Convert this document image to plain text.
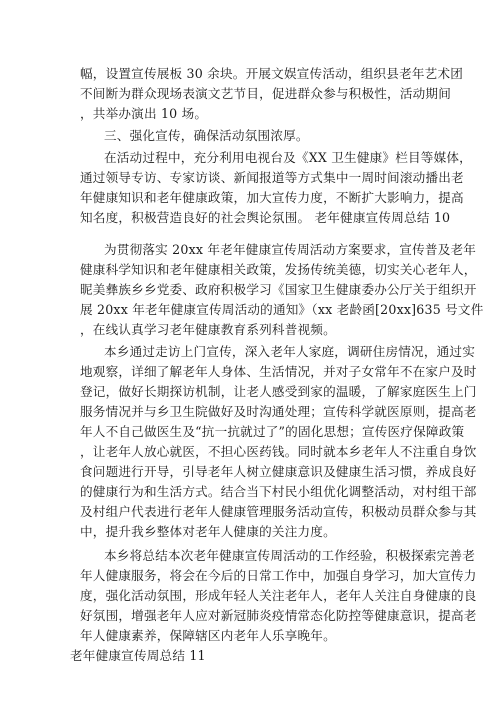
幅，设置宣传展板 30 余块。开展文娱宣传活动，组织县老年艺术团
不间断为群众现场表演文艺节目，促进群众参与积极性，活动期间
，共举办演出 10 场。
三、强化宣传，确保活动氛围浓厚。
在活动过程中，充分利用电视台及《XX 卫生健康》栏目等媒体，
通过领导专访、专家访谈、新闻报道等方式集中一周时间滚动播出老
年健康知识和老年健康政策，加大宣传力度，不断扩大影响力，提高
知名度，积极营造良好的社会舆论氛围。 老年健康宣传周总结 10
为贯彻落实 20xx 年老年健康宣传周活动方案要求，宣传普及老年
健康科学知识和老年健康相关政策，发扬传统美德，切实关心老年人，
昵美彝族乡乡党委、政府积极学习《国家卫生健康委办公厅关于组织开
展 20xx 年老年健康宣传周活动的通知》（xx 老龄函[20xx]635 号文件
，在线认真学习老年健康教育系列科普视频。
本乡通过走访上门宣传，深入老年人家庭，调研住房情况，通过实
地观察，详细了解老年人身体、生活情况，并对子女常年不在家户及时
登记，做好长期探访机制，让老人感受到家的温暖，了解家庭医生上门
服务情况并与乡卫生院做好及时沟通处理；宣传科学就医原则，提高老
年人不自己做医生及“抗一抗就过了”的固化思想；宣传医疗保障政策
，让老年人放心就医，不担心医药钱。同时就本乡老年人不注重自身饮
食问题进行开导，引导老年人树立健康意识及健康生活习惯，养成良好
的健康行为和生活方式。结合当下村民小组优化调整活动，对村组干部
及村组户代表进行老年人健康管理服务活动宣传，积极动员群众参与其
中，提升我乡整体对老年人健康的关注力度。
本乡将总结本次老年健康宣传周活动的工作经验，积极探索完善老
年人健康服务，将会在今后的日常工作中，加强自身学习，加大宣传力
度，强化活动氛围，形成年轻人关注老年人，老年人关注自身健康的良
好氛围，增强老年人应对新冠肺炎疫情常态化防控等健康意识，提高老
年人健康素养，保障辖区内老年人乐享晚年。
老年健康宣传周总结 11
